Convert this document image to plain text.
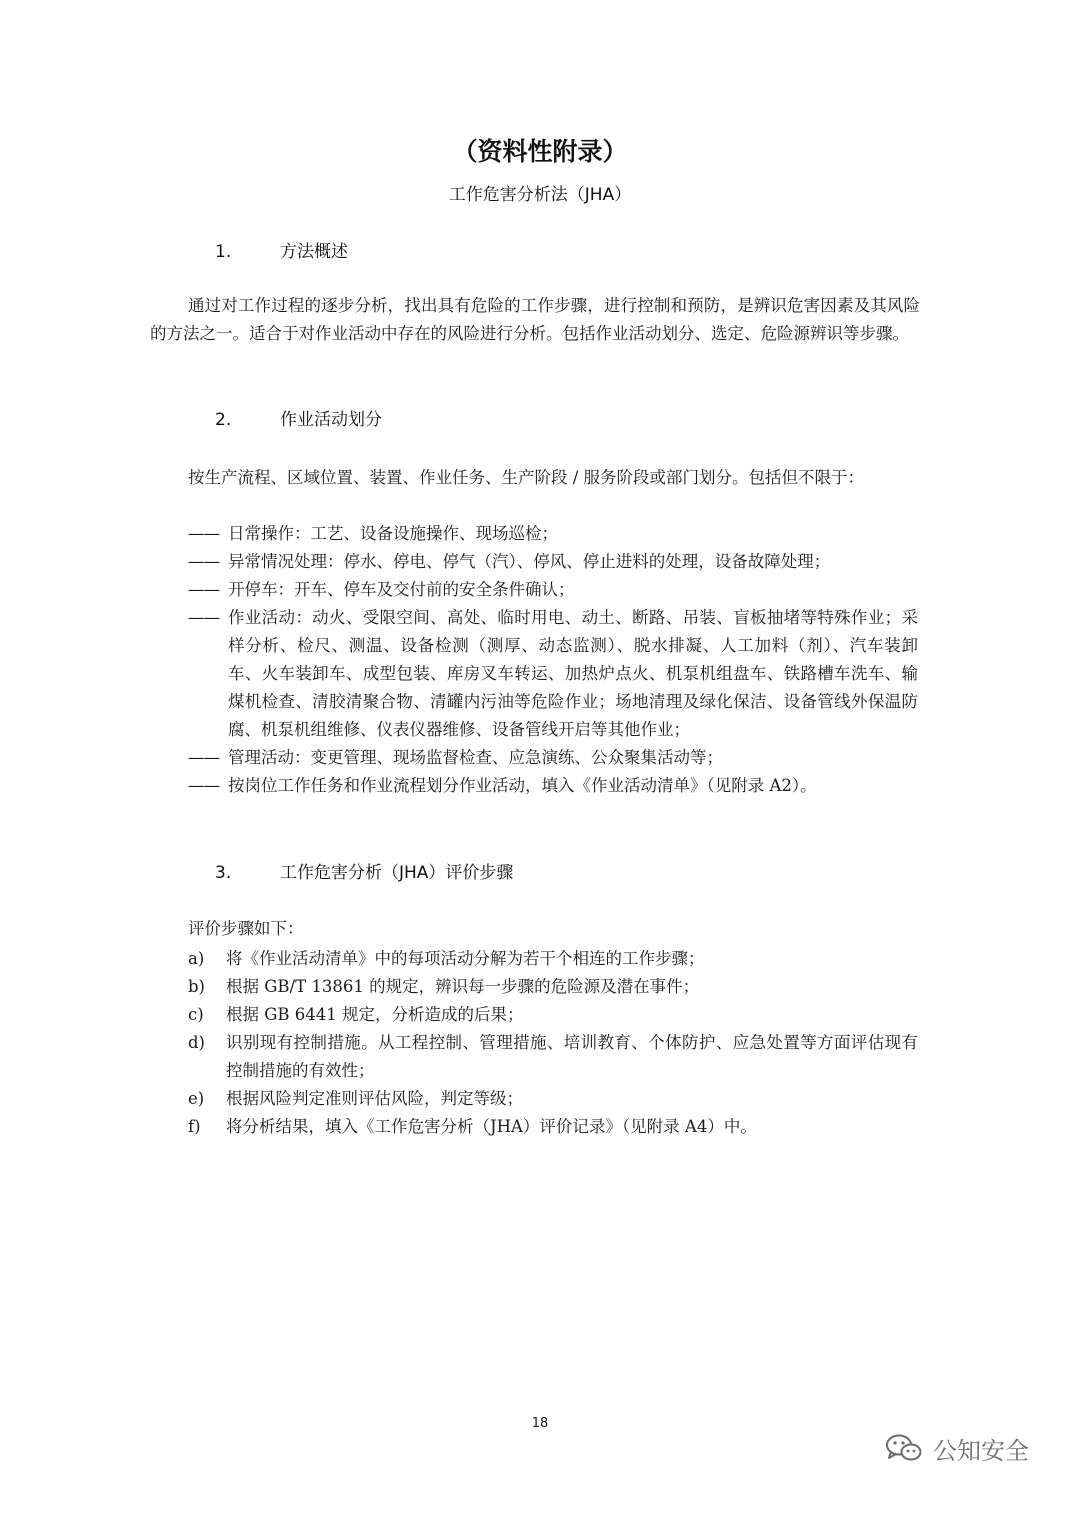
（资料性附录）
工作危害分析法（JHA）
1.	方法概述

通过对工作过程的逐步分析，找出具有危险的工作步骤，进行控制和预防，是辨识危害因素及其风险的方法之一。适合于对作业活动中存在的风险进行分析。包括作业活动划分、选定、危险源辨识等步骤。

2.	作业活动划分

按生产流程、区域位置、装置、作业任务、生产阶段 / 服务阶段或部门划分。包括但不限于：

—— 日常操作：工艺、设备设施操作、现场巡检；
—— 异常情况处理：停水、停电、停气（汽）、停风、停止进料的处理，设备故障处理；
—— 开停车：开车、停车及交付前的安全条件确认；
—— 作业活动：动火、受限空间、高处、临时用电、动土、断路、吊装、盲板抽堵等特殊作业；采样分析、检尺、测温、设备检测（测厚、动态监测）、脱水排凝、人工加料（剂）、汽车装卸车、火车装卸车、成型包装、库房叉车转运、加热炉点火、机泵机组盘车、铁路槽车洗车、输煤机检查、清胶清聚合物、清罐内污油等危险作业；场地清理及绿化保洁、设备管线外保温防腐、机泵机组维修、仪表仪器维修、设备管线开启等其他作业；
—— 管理活动：变更管理、现场监督检查、应急演练、公众聚集活动等；
—— 按岗位工作任务和作业流程划分作业活动，填入《作业活动清单》（见附录 A2）。
3.	工作危害分析（JHA）评价步骤
评价步骤如下：
a) 将《作业活动清单》中的每项活动分解为若干个相连的工作步骤；
b) 根据 GB/T 13861 的规定，辨识每一步骤的危险源及潜在事件；
c) 根据 GB 6441 规定，分析造成的后果；
d) 识别现有控制措施。从工程控制、管理措施、培训教育、个体防护、应急处置等方面评估现有控制措施的有效性；
e) 根据风险判定准则评估风险，判定等级；
f) 将分析结果，填入《工作危害分析（JHA）评价记录》（见附录 A4）中。
18
公知安全
